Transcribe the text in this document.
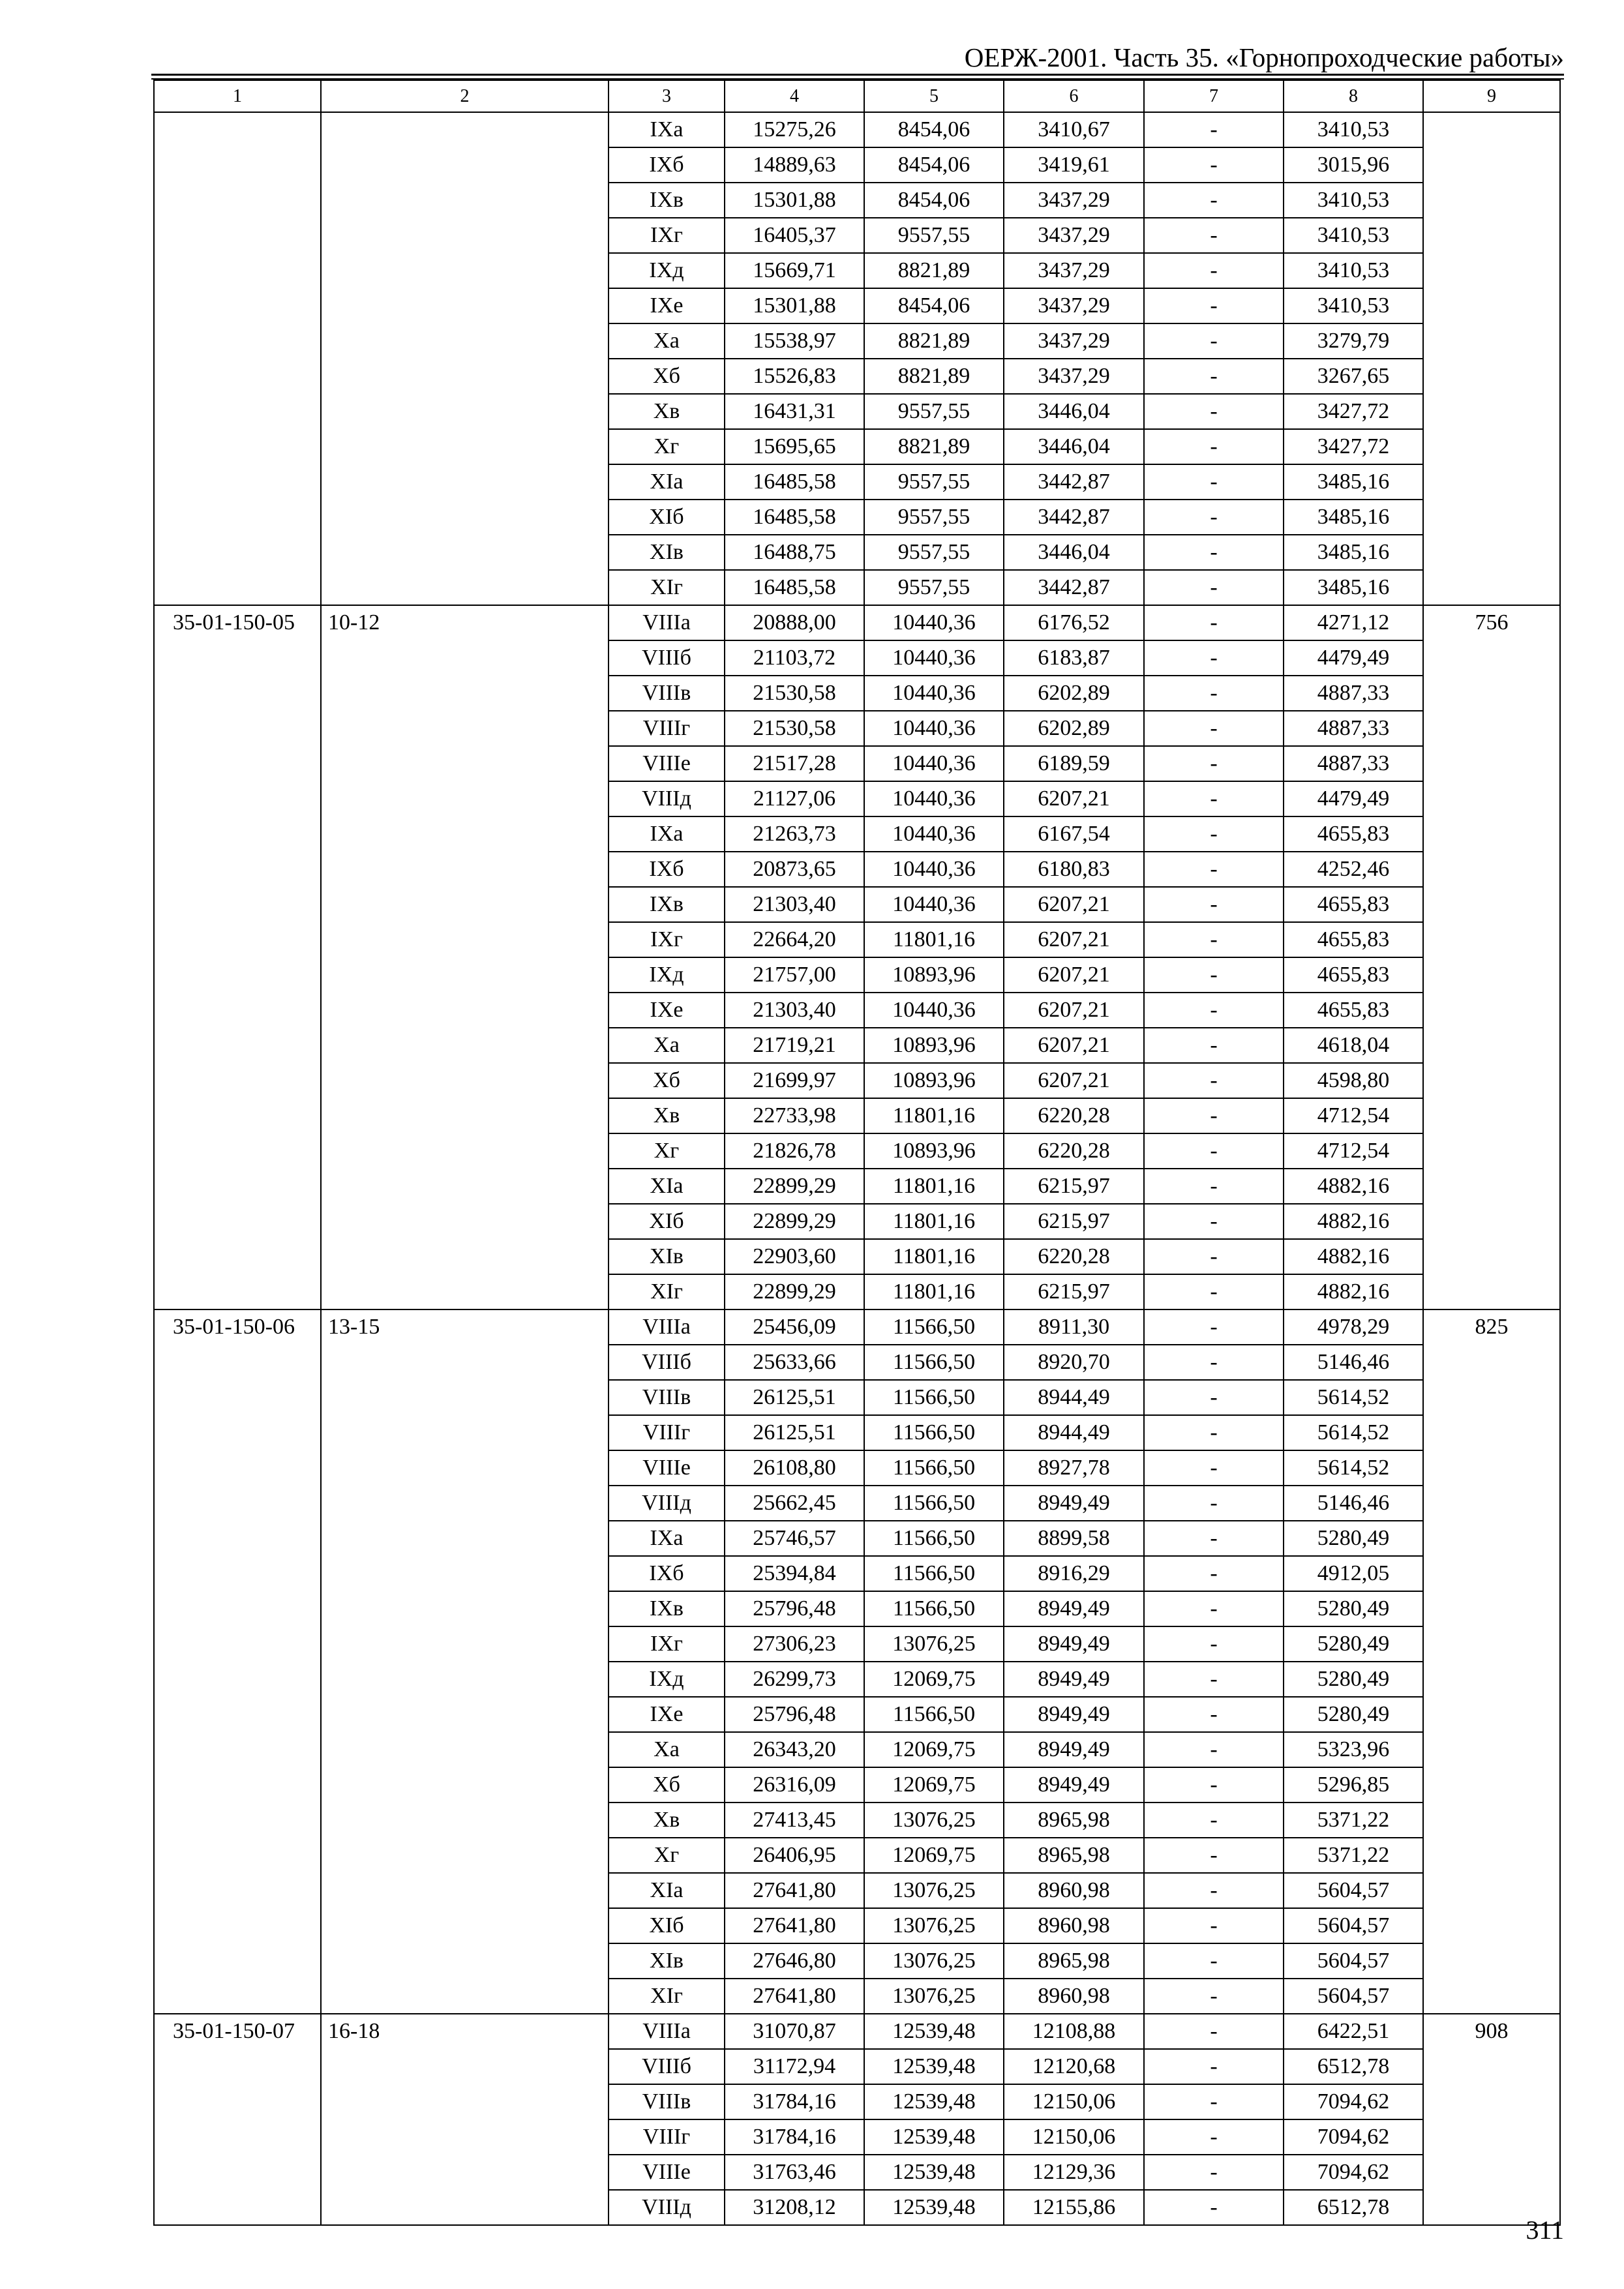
ОЕРЖ-2001. Часть 35. «Горнопроходческие работы»
1	2	3	4	5	6	7	8	9
		IXa	15275,26	8454,06	3410,67	-	3410,53	
		IXб	14889,63	8454,06	3419,61	-	3015,96	
		IXв	15301,88	8454,06	3437,29	-	3410,53	
		IXг	16405,37	9557,55	3437,29	-	3410,53	
		IXд	15669,71	8821,89	3437,29	-	3410,53	
		IXe	15301,88	8454,06	3437,29	-	3410,53	
		Xa	15538,97	8821,89	3437,29	-	3279,79	
		Xб	15526,83	8821,89	3437,29	-	3267,65	
		Xв	16431,31	9557,55	3446,04	-	3427,72	
		Xг	15695,65	8821,89	3446,04	-	3427,72	
		XIa	16485,58	9557,55	3442,87	-	3485,16	
		XIб	16485,58	9557,55	3442,87	-	3485,16	
		XIв	16488,75	9557,55	3446,04	-	3485,16	
		XIг	16485,58	9557,55	3442,87	-	3485,16	
35-01-150-05	10-12	VIIIa	20888,00	10440,36	6176,52	-	4271,12	756
		VIIIб	21103,72	10440,36	6183,87	-	4479,49	
		VIIIв	21530,58	10440,36	6202,89	-	4887,33	
		VIIIг	21530,58	10440,36	6202,89	-	4887,33	
		VIIIe	21517,28	10440,36	6189,59	-	4887,33	
		VIIIд	21127,06	10440,36	6207,21	-	4479,49	
		IXa	21263,73	10440,36	6167,54	-	4655,83	
		IXб	20873,65	10440,36	6180,83	-	4252,46	
		IXв	21303,40	10440,36	6207,21	-	4655,83	
		IXг	22664,20	11801,16	6207,21	-	4655,83	
		IXд	21757,00	10893,96	6207,21	-	4655,83	
		IXe	21303,40	10440,36	6207,21	-	4655,83	
		Xa	21719,21	10893,96	6207,21	-	4618,04	
		Xб	21699,97	10893,96	6207,21	-	4598,80	
		Xв	22733,98	11801,16	6220,28	-	4712,54	
		Xг	21826,78	10893,96	6220,28	-	4712,54	
		XIa	22899,29	11801,16	6215,97	-	4882,16	
		XIб	22899,29	11801,16	6215,97	-	4882,16	
		XIв	22903,60	11801,16	6220,28	-	4882,16	
		XIг	22899,29	11801,16	6215,97	-	4882,16	
35-01-150-06	13-15	VIIIa	25456,09	11566,50	8911,30	-	4978,29	825
		VIIIб	25633,66	11566,50	8920,70	-	5146,46	
		VIIIв	26125,51	11566,50	8944,49	-	5614,52	
		VIIIг	26125,51	11566,50	8944,49	-	5614,52	
		VIIIe	26108,80	11566,50	8927,78	-	5614,52	
		VIIIд	25662,45	11566,50	8949,49	-	5146,46	
		IXa	25746,57	11566,50	8899,58	-	5280,49	
		IXб	25394,84	11566,50	8916,29	-	4912,05	
		IXв	25796,48	11566,50	8949,49	-	5280,49	
		IXг	27306,23	13076,25	8949,49	-	5280,49	
		IXд	26299,73	12069,75	8949,49	-	5280,49	
		IXe	25796,48	11566,50	8949,49	-	5280,49	
		Xa	26343,20	12069,75	8949,49	-	5323,96	
		Xб	26316,09	12069,75	8949,49	-	5296,85	
		Xв	27413,45	13076,25	8965,98	-	5371,22	
		Xг	26406,95	12069,75	8965,98	-	5371,22	
		XIa	27641,80	13076,25	8960,98	-	5604,57	
		XIб	27641,80	13076,25	8960,98	-	5604,57	
		XIв	27646,80	13076,25	8965,98	-	5604,57	
		XIг	27641,80	13076,25	8960,98	-	5604,57	
35-01-150-07	16-18	VIIIa	31070,87	12539,48	12108,88	-	6422,51	908
		VIIIб	31172,94	12539,48	12120,68	-	6512,78	
		VIIIв	31784,16	12539,48	12150,06	-	7094,62	
		VIIIг	31784,16	12539,48	12150,06	-	7094,62	
		VIIIe	31763,46	12539,48	12129,36	-	7094,62	
		VIIIд	31208,12	12539,48	12155,86	-	6512,78	
311
